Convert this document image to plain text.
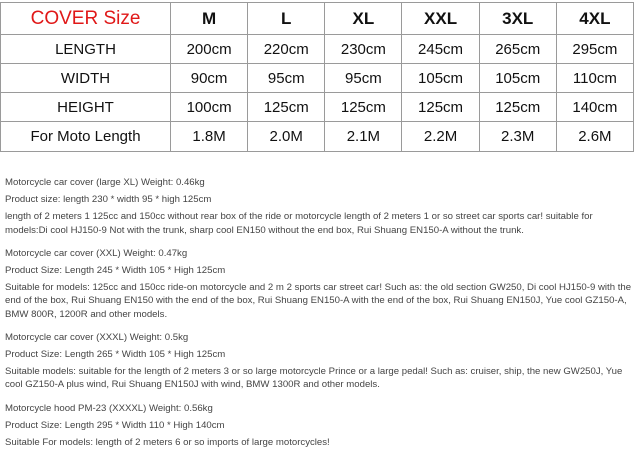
COVER Size	M	L	XL	XXL	3XL	4XL
LENGTH	200cm	220cm	230cm	245cm	265cm	295cm
WIDTH	90cm	95cm	95cm	105cm	105cm	110cm
HEIGHT	100cm	125cm	125cm	125cm	125cm	140cm
For Moto Length	1.8M	2.0M	2.1M	2.2M	2.3M	2.6M

Motorcycle car cover (large XL) Weight: 0.46kg

Product size: length 230 * width 95 * high 125cm

length of 2 meters 1 125cc and 150cc without rear box of the ride or motorcycle length of 2 meters 1 or so street car sports car! suitable for models:Di cool HJ150-9 Not with the trunk, sharp cool EN150 without the end box, Rui Shuang EN150-A without the trunk.

Motorcycle car cover (XXL) Weight: 0.47kg

Product Size: Length 245 * Width 105 * High 125cm

Suitable for models: 125cc and 150cc ride-on motorcycle and 2 m 2 sports car street car! Such as: the old section GW250, Di cool HJ150-9 with the end of the box, Rui Shuang EN150 with the end of the box, Rui Shuang EN150-A with the end of the box, Rui Shuang EN150J, Yue cool GZ150-A, BMW 800R, 1200R and other models.

Motorcycle car cover (XXXL) Weight: 0.5kg

Product Size: Length 265 * Width 105 * High 125cm

Suitable models: suitable for the length of 2 meters 3 or so large motorcycle Prince or a large pedal! Such as: cruiser, ship, the new GW250J, Yue cool GZ150-A plus wind, Rui Shuang EN150J with wind, BMW 1300R and other models.

Motorcycle hood PM-23 (XXXXL) Weight: 0.56kg

Product Size: Length 295 * Width 110 * High 140cm

Suitable For models: length of 2 meters 6 or so imports of large motorcycles!
